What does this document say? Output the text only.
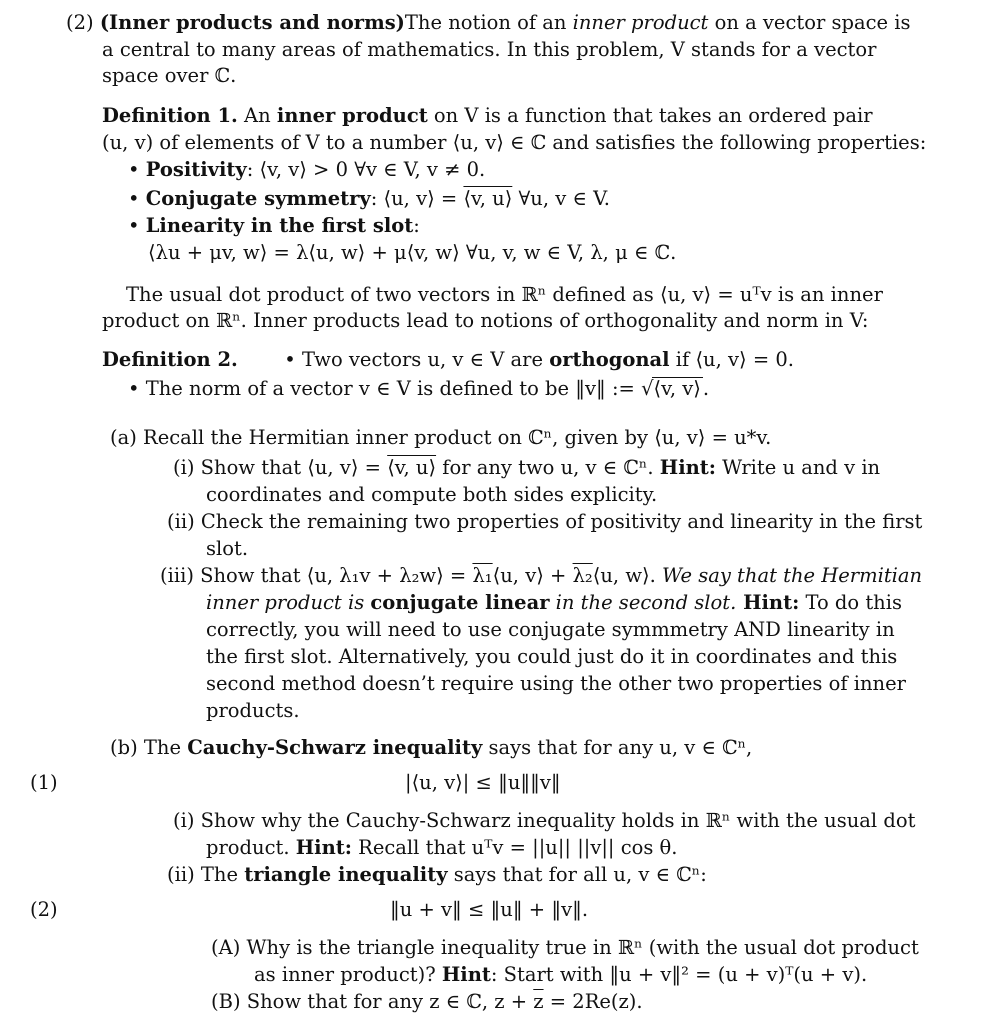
(2) (Inner products and norms)The notion of an inner product on a vector space is
a central to many areas of mathematics. In this problem, V stands for a vector
space over ℂ.
Definition 1. An inner product on V is a function that takes an ordered pair
(u, v) of elements of V to a number ⟨u, v⟩ ∈ ℂ and satisfies the following properties:
• Positivity: ⟨v, v⟩ > 0 ∀v ∈ V, v ≠ 0.
• Conjugate symmetry: ⟨u, v⟩ = ⟨v, u⟩ ∀u, v ∈ V.
• Linearity in the first slot:
⟨λu + μv, w⟩ = λ⟨u, w⟩ + μ⟨v, w⟩ ∀u, v, w ∈ V, λ, μ ∈ ℂ.
The usual dot product of two vectors in ℝⁿ defined as ⟨u, v⟩ = uᵀv is an inner
product on ℝⁿ. Inner products lead to notions of orthogonality and norm in V:
Definition 2. • Two vectors u, v ∈ V are orthogonal if ⟨u, v⟩ = 0.
• The norm of a vector v ∈ V is defined to be ‖v‖ := √⟨v, v⟩ .
(a) Recall the Hermitian inner product on ℂⁿ, given by ⟨u, v⟩ = u*v.
(i) Show that ⟨u, v⟩ = ⟨v, u⟩ for any two u, v ∈ ℂⁿ. Hint: Write u and v in
coordinates and compute both sides explicity.
(ii) Check the remaining two properties of positivity and linearity in the first
slot.
(iii) Show that ⟨u, λ₁v + λ₂w⟩ = λ₁⟨u, v⟩ + λ₂⟨u, w⟩. We say that the Hermitian
inner product is conjugate linear in the second slot. Hint: To do this
correctly, you will need to use conjugate symmmetry AND linearity in
the first slot. Alternatively, you could just do it in coordinates and this
second method doesn’t require using the other two properties of inner
products.
(b) The Cauchy-Schwarz inequality says that for any u, v ∈ ℂⁿ,
(1)	|⟨u, v⟩| ≤ ‖u‖‖v‖
(i) Show why the Cauchy-Schwarz inequality holds in ℝⁿ with the usual dot
product. Hint: Recall that uᵀv = ||u|| ||v|| cos θ.
(ii) The triangle inequality says that for all u, v ∈ ℂⁿ:
(2)	‖u + v‖ ≤ ‖u‖ + ‖v‖.
(A) Why is the triangle inequality true in ℝⁿ (with the usual dot product
as inner product)? Hint: Start with ‖u + v‖² = (u + v)ᵀ(u + v).
(B) Show that for any z ∈ ℂ, $z + \overline{z} = 2Re(z)$.
